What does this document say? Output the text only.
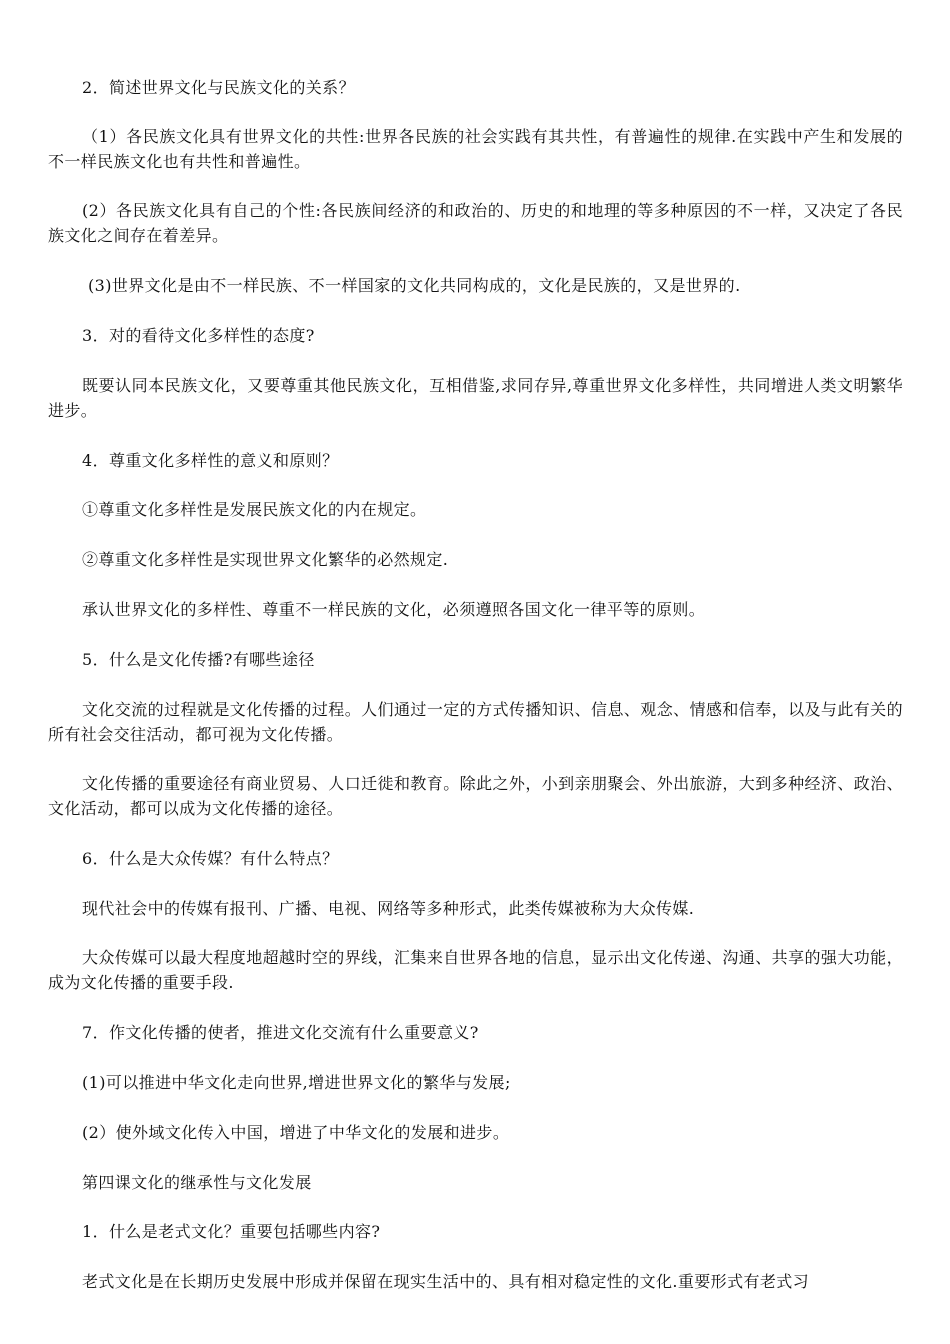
2．简述世界文化与民族文化的关系？

（1）各民族文化具有世界文化的共性:世界各民族的社会实践有其共性，有普遍性的规律.在实践中产生和发展的不一样民族文化也有共性和普遍性。

(2）各民族文化具有自己的个性:各民族间经济的和政治的、历史的和地理的等多种原因的不一样，又决定了各民族文化之间存在着差异。

(3)世界文化是由不一样民族、不一样国家的文化共同构成的，文化是民族的，又是世界的.

3．对的看待文化多样性的态度?

既要认同本民族文化，又要尊重其他民族文化，互相借鉴,求同存异,尊重世界文化多样性，共同增进人类文明繁华进步。

4．尊重文化多样性的意义和原则？

①尊重文化多样性是发展民族文化的内在规定。

②尊重文化多样性是实现世界文化繁华的必然规定.

承认世界文化的多样性、尊重不一样民族的文化，必须遵照各国文化一律平等的原则。

5．什么是文化传播?有哪些途径

文化交流的过程就是文化传播的过程。人们通过一定的方式传播知识、信息、观念、情感和信奉，以及与此有关的所有社会交往活动，都可视为文化传播。

文化传播的重要途径有商业贸易、人口迁徙和教育。除此之外，小到亲朋聚会、外出旅游，大到多种经济、政治、文化活动，都可以成为文化传播的途径。

6．什么是大众传媒？有什么特点？

现代社会中的传媒有报刊、广播、电视、网络等多种形式，此类传媒被称为大众传媒.

大众传媒可以最大程度地超越时空的界线，汇集来自世界各地的信息，显示出文化传递、沟通、共享的强大功能，成为文化传播的重要手段.

7．作文化传播的使者，推进文化交流有什么重要意义?

(1)可以推进中华文化走向世界,增进世界文化的繁华与发展;

(2）使外域文化传入中国，增进了中华文化的发展和进步。

第四课文化的继承性与文化发展

1．什么是老式文化？重要包括哪些内容?

老式文化是在长期历史发展中形成并保留在现实生活中的、具有相对稳定性的文化.重要形式有老式习
